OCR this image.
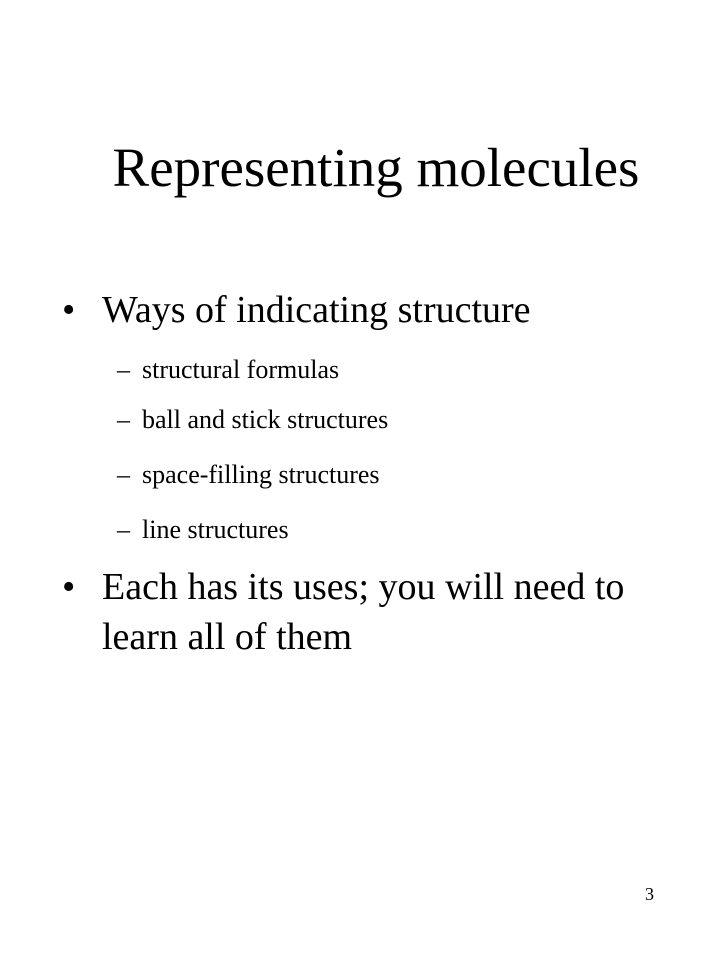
Representing molecules
• Ways of indicating structure
– structural formulas
– ball and stick structures
– space-filling structures
– line structures
• Each has its uses; you will need to learn all of them
3
